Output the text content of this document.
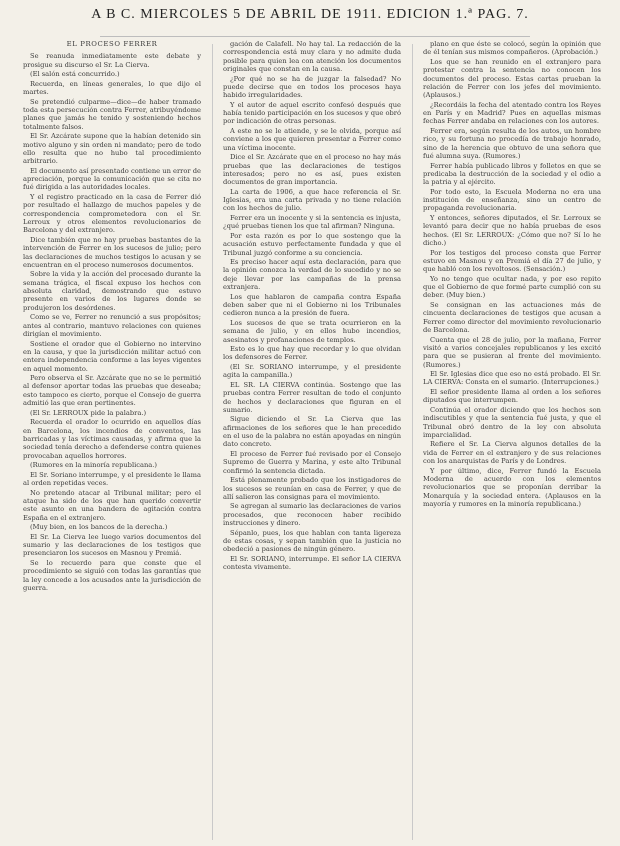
A B C. MIERCOLES 5 DE ABRIL DE 1911. EDICION 1.ª PAG. 7.
EL PROCESO FERRER

Se reanuda inmediatamente este debate y prosigue su discurso el Sr. La Cierva.

(El salón está concurrido.)

Recuerda, en líneas generales, lo que dijo el martes.

Se pretendió culparme—dice—de haber tramado toda esta persecución contra Ferrer, atribuyéndome planes que jamás he tenido y sosteniendo hechos totalmente falsos.

El Sr. Azcárate supone que la habían detenido sin motivo alguno y sin orden ni mandato; pero de todo ello resulta que no hubo tal procedimiento arbitrario.

El documento así presentado contiene un error de apreciación, porque la comunicación que se cita no fué dirigida a las autoridades locales.

Y el registro practicado en la casa de Ferrer dió por resultado el hallazgo de muchos papeles y de correspondencia comprometedora con el Sr. Lerroux y otros elementos revolucionarios de Barcelona y del extranjero.

Dice también que no hay pruebas bastantes de la intervención de Ferrer en los sucesos de julio; pero las declaraciones de muchos testigos lo acusan y se encuentran en el proceso numerosos documentos.

Sobre la vida y la acción del procesado durante la semana trágica, el fiscal expuso los hechos con absoluta claridad, demostrando que estuvo presente en varios de los lugares donde se produjeron los desórdenes.

Como se ve, Ferrer no renunció a sus propósitos; antes al contrario, mantuvo relaciones con quienes dirigían el movimiento.

Sostiene el orador que el Gobierno no intervino en la causa, y que la jurisdicción militar actuó con entera independencia conforme a las leyes vigentes en aquel momento.

Pero observa el Sr. Azcárate que no se le permitió al defensor aportar todas las pruebas que deseaba; esto tampoco es cierto, porque el Consejo de guerra admitió las que eran pertinentes.

(El Sr. LERROUX pide la palabra.)

Recuerda el orador lo ocurrido en aquellos días en Barcelona, los incendios de conventos, las barricadas y las víctimas causadas, y afirma que la sociedad tenía derecho a defenderse contra quienes provocaban aquellos horrores.

(Rumores en la minoría republicana.)

El Sr. Soriano interrumpe, y el presidente le llama al orden repetidas veces.

No pretendo atacar al Tribunal militar; pero el ataque ha sido de los que han querido convertir este asunto en una bandera de agitación contra España en el extranjero.

(Muy bien, en los bancos de la derecha.)

El Sr. La Cierva lee luego varios documentos del sumario y las declaraciones de los testigos que presenciaron los sucesos en Masnou y Premiá.

Se lo recuerdo para que conste que el procedimiento se siguió con todas las garantías que la ley concede a los acusados ante la jurisdicción de guerra.

gación de Calafell. No hay tal. La redacción de la correspondencia está muy clara y no admite duda posible para quien lea con atención los documentos originales que constan en la causa.

¿Por qué no se ha de juzgar la falsedad? No puede decirse que en todos los procesos haya habido irregularidades.

Y el autor de aquel escrito confesó después que había tenido participación en los sucesos y que obró por indicación de otras personas.

A este no se le atiende, y se le olvida, porque así conviene a los que quieren presentar a Ferrer como una víctima inocente.

Dice el Sr. Azcárate que en el proceso no hay más pruebas que las declaraciones de testigos interesados; pero no es así, pues existen documentos de gran importancia.

La carta de 1906, a que hace referencia el Sr. Iglesias, era una carta privada y no tiene relación con los hechos de julio.

Ferrer era un inocente y si la sentencia es injusta, ¿qué pruebas tienen los que tal afirman? Ninguna.

Por esta razón es por lo que sostengo que la acusación estuvo perfectamente fundada y que el Tribunal juzgó conforme a su conciencia.

Es preciso hacer aquí esta declaración, para que la opinión conozca la verdad de lo sucedido y no se deje llevar por las campañas de la prensa extranjera.

Los que hablaron de campaña contra España deben saber que ni el Gobierno ni los Tribunales cedieron nunca a la presión de fuera.

Los sucesos de que se trata ocurrieron en la semana de julio, y en ellos hubo incendios, asesinatos y profanaciones de templos.

Esto es lo que hay que recordar y lo que olvidan los defensores de Ferrer.

(El Sr. SORIANO interrumpe, y el presidente agita la campanilla.)

EL SR. LA CIERVA continúa. Sostengo que las pruebas contra Ferrer resultan de todo el conjunto de hechos y declaraciones que figuran en el sumario.

Sigue diciendo el Sr. La Cierva que las afirmaciones de los señores que le han precedido en el uso de la palabra no están apoyadas en ningún dato concreto.

El proceso de Ferrer fué revisado por el Consejo Supremo de Guerra y Marina, y este alto Tribunal confirmó la sentencia dictada.

Está plenamente probado que los instigadores de los sucesos se reunían en casa de Ferrer, y que de allí salieron las consignas para el movimiento.

Se agregan al sumario las declaraciones de varios procesados, que reconocen haber recibido instrucciones y dinero.

Sépanlo, pues, los que hablan con tanta ligereza de estas cosas, y sepan también que la justicia no obedeció a pasiones de ningún género.

El Sr. SORIANO, interrumpe. El señor LA CIERVA contesta vivamente.

plano en que éste se colocó, según la opinión que de él tenían sus mismos compañeros. (Aprobación.)

Los que se han reunido en el extranjero para protestar contra la sentencia no conocen los documentos del proceso. Estas cartas prueban la relación de Ferrer con los jefes del movimiento. (Aplausos.)

¿Recordáis la fecha del atentado contra los Reyes en París y en Madrid? Pues en aquellas mismas fechas Ferrer andaba en relaciones con los autores.

Ferrer era, según resulta de los autos, un hombre rico, y su fortuna no procedía de trabajo honrado, sino de la herencia que obtuvo de una señora que fué alumna suya. (Rumores.)

Ferrer había publicado libros y folletos en que se predicaba la destrucción de la sociedad y el odio a la patria y al ejército.

Por todo esto, la Escuela Moderna no era una institución de enseñanza, sino un centro de propaganda revolucionaria.

Y entonces, señores diputados, el Sr. Lerroux se levantó para decir que no había pruebas de esos hechos. (El Sr. LERROUX: ¿Cómo que no? Sí lo he dicho.)

Por los testigos del proceso consta que Ferrer estuvo en Masnou y en Premiá el día 27 de julio, y que habló con los revoltosos. (Sensación.)

Yo no tengo que ocultar nada, y por eso repito que el Gobierno de que formé parte cumplió con su deber. (Muy bien.)

Se consignan en las actuaciones más de cincuenta declaraciones de testigos que acusan a Ferrer como director del movimiento revolucionario de Barcelona.

Cuenta que el 28 de julio, por la mañana, Ferrer visitó a varios concejales republicanos y les excitó para que se pusieran al frente del movimiento. (Rumores.)

El Sr. Iglesias dice que eso no está probado. El Sr. LA CIERVA: Consta en el sumario. (Interrupciones.)

El señor presidente llama al orden a los señores diputados que interrumpen.

Continúa el orador diciendo que los hechos son indiscutibles y que la sentencia fué justa, y que el Tribunal obró dentro de la ley con absoluta imparcialidad.

Refiere el Sr. La Cierva algunos detalles de la vida de Ferrer en el extranjero y de sus relaciones con los anarquistas de París y de Londres.

Y por último, dice, Ferrer fundó la Escuela Moderna de acuerdo con los elementos revolucionarios que se proponían derribar la Monarquía y la sociedad entera. (Aplausos en la mayoría y rumores en la minoría republicana.)
